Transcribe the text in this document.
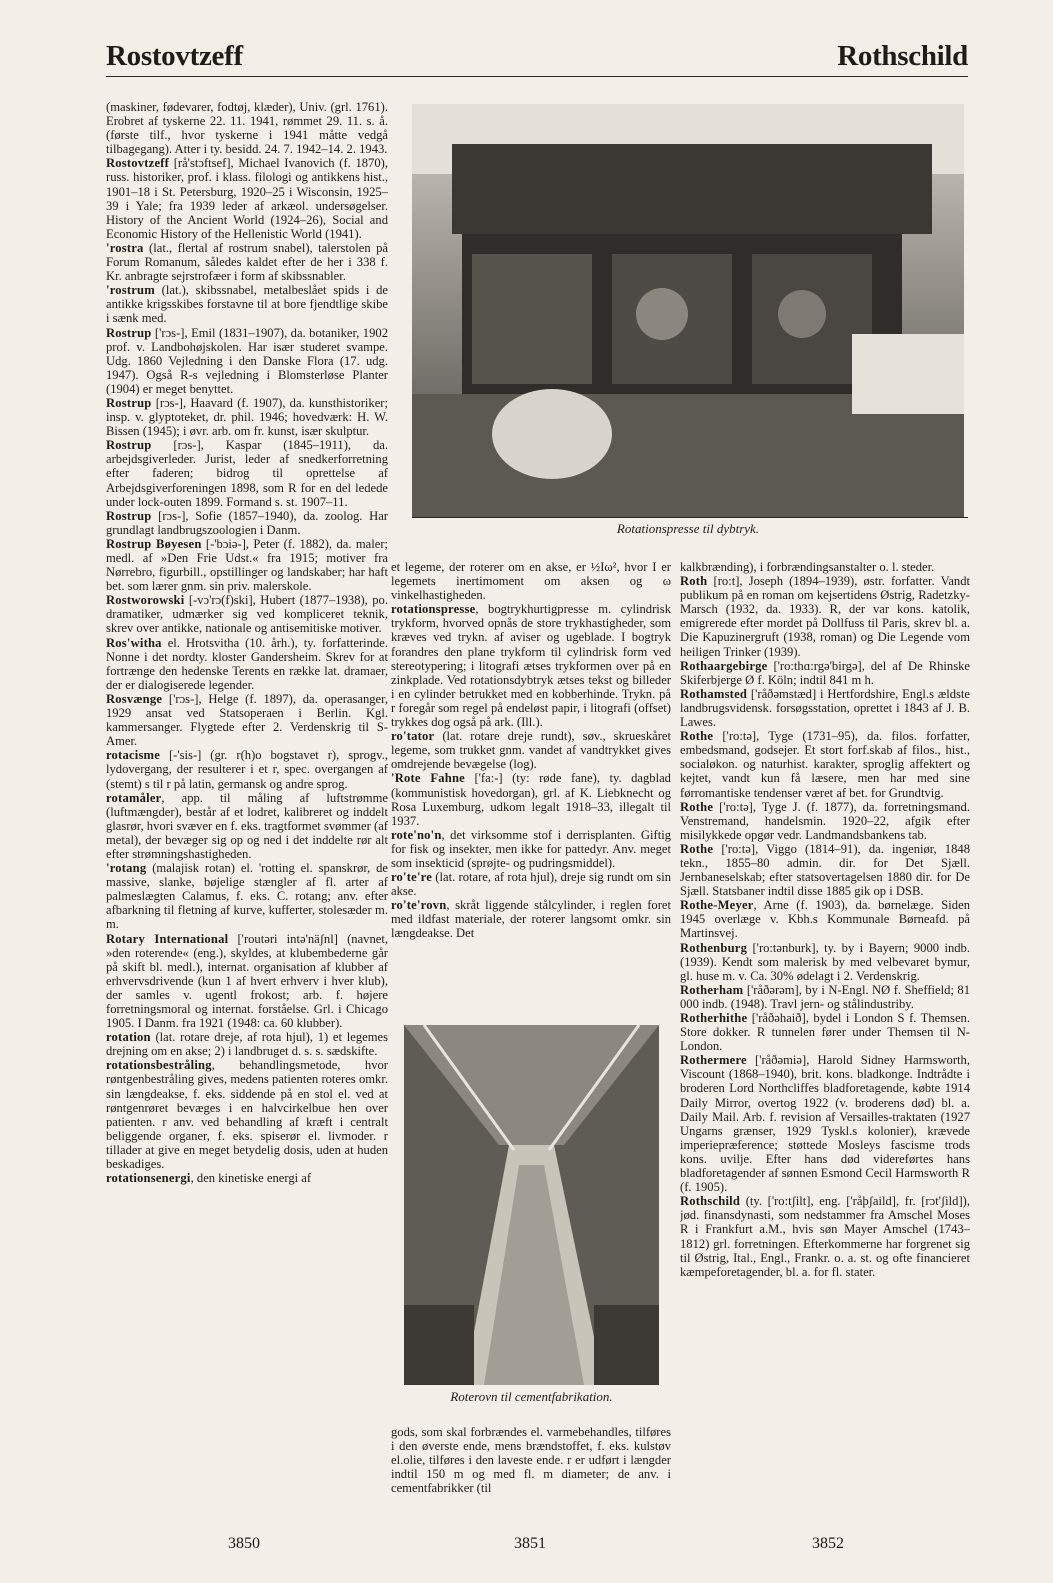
Rostovtzeff	Rothschild

(maskiner, fødevarer, fodtøj, klæder), Univ. (grl. 1761). Erobret af tyskerne 22. 11. 1941, rømmet 29. 11. s. å. (første tilf., hvor tyskerne i 1941 måtte vedgå tilbagegang). Atter i ty. besidd. 24. 7. 1942–14. 2. 1943.

Rostovtzeff [rå'stɔftsef], Michael Ivanovich (f. 1870), russ. historiker, prof. i klass. filologi og antikkens hist., 1901–18 i St. Petersburg, 1920–25 i Wisconsin, 1925–39 i Yale; fra 1939 leder af arkæol. undersøgelser. History of the Ancient World (1924–26), Social and Economic History of the Hellenistic World (1941).

'rostra (lat., flertal af rostrum snabel), talerstolen på Forum Romanum, således kaldet efter de her i 338 f. Kr. anbragte sejrstrofæer i form af skibssnabler.

'rostrum (lat.), skibssnabel, metalbeslået spids i de antikke krigsskibes forstavne til at bore fjendtlige skibe i sænk med.

Rostrup ['rɔs-], Emil (1831–1907), da. botaniker, 1902 prof. v. Landbohøjskolen. Har især studeret svampe. Udg. 1860 Vejledning i den Danske Flora (17. udg. 1947). Også R-s vejledning i Blomsterløse Planter (1904) er meget benyttet.

Rostrup [rɔs-], Haavard (f. 1907), da. kunsthistoriker; insp. v. glyptoteket, dr. phil. 1946; hovedværk: H. W. Bissen (1945); i øvr. arb. om fr. kunst, især skulptur.

Rostrup [rɔs-], Kaspar (1845–1911), da. arbejdsgiverleder. Jurist, leder af snedkerforretning efter faderen; bidrog til oprettelse af Arbejdsgiverforeningen 1898, som R for en del ledede under lock-outen 1899. Formand s. st. 1907–11.

Rostrup [rɔs-], Sofie (1857–1940), da. zoolog. Har grundlagt landbrugszoologien i Danm.

Rostrup Bøyesen [-'bɔiə-], Peter (f. 1882), da. maler; medl. af »Den Frie Udst.« fra 1915; motiver fra Nørrebro, figurbill., opstillinger og landskaber; har haft bet. som lærer gnm. sin priv. malerskole.

Rostworowski [-vɔ'rɔ(f)ski], Hubert (1877–1938), po. dramatiker, udmærker sig ved kompliceret teknik, skrev over antikke, nationale og antisemitiske motiver.

Ros'witha el. Hrotsvitha (10. årh.), ty. forfatterinde. Nonne i det nordty. kloster Gandersheim. Skrev for at fortrænge den hedenske Terents en række lat. dramaer, der er dialogiserede legender.

Rosvænge ['rɔs-], Helge (f. 1897), da. operasanger, 1929 ansat ved Statsoperaen i Berlin. Kgl. kammersanger. Flygtede efter 2. Verdenskrig til S-Amer.

rotacisme [-'sis-] (gr. r(h)o bogstavet r), sprogv., lydovergang, der resulterer i et r, spec. overgangen af (stemt) s til r på latin, germansk og andre sprog.

rotamåler, app. til måling af luftstrømme (luftmængder), består af et lodret, kalibreret og inddelt glasrør, hvori svæver en f. eks. tragtformet svømmer (af metal), der bevæger sig op og ned i det inddelte rør alt efter strømningshastigheden.

'rotang (malajisk rotan) el. 'rotting el. spanskrør, de massive, slanke, bøjelige stængler af fl. arter af palmeslægten Calamus, f. eks. C. rotang; anv. efter afbarkning til fletning af kurve, kufferter, stolesæder m. m.

Rotary International ['routəri intə'näʃnl] (navnet, »den roterende« (eng.), skyldes, at klubembederne går på skift bl. medl.), internat. organisation af klubber af erhvervsdrivende (kun 1 af hvert erhverv i hver klub), der samles v. ugentl frokost; arb. f. højere forretningsmoral og internat. forståelse. Grl. i Chicago 1905. I Danm. fra 1921 (1948: ca. 60 klubber).

rotation (lat. rotare dreje, af rota hjul), 1) et legemes drejning om en akse; 2) i landbruget d. s. s. sædskifte.

rotationsbestråling, behandlingsmetode, hvor røntgenbestråling gives, medens patienten roteres omkr. sin længdeakse, f. eks. siddende på en stol el. ved at røntgenrøret bevæges i en halvcirkelbue hen over patienten. r anv. ved behandling af kræft i centralt beliggende organer, f. eks. spiserør el. livmoder. r tillader at give en meget betydelig dosis, uden at huden beskadiges.

rotationsenergi, den kinetiske energi af

Rotationspresse til dybtryk.

et legeme, der roterer om en akse, er ½Iω², hvor I er legemets inertimoment om aksen og ω vinkelhastigheden.

rotationspresse, bogtrykhurtigpresse m. cylindrisk trykform, hvorved opnås de store trykhastigheder, som kræves ved trykn. af aviser og ugeblade. I bogtryk forandres den plane trykform til cylindrisk form ved stereotypering; i litografi ætses trykformen over på en zinkplade. Ved rotationsdybtryk ætses tekst og billeder i en cylinder betrukket med en kobberhinde. Trykn. på r foregår som regel på endeløst papir, i litografi (offset) trykkes dog også på ark. (Ill.).

ro'tator (lat. rotare dreje rundt), søv., skrueskåret legeme, som trukket gnm. vandet af vandtrykket gives omdrejende bevægelse (log).

'Rote Fahne ['fa:-] (ty: røde fane), ty. dagblad (kommunistisk hovedorgan), grl. af K. Liebknecht og Rosa Luxemburg, udkom legalt 1918–33, illegalt til 1937.

rote'no'n, det virksomme stof i derrisplanten. Giftig for fisk og insekter, men ikke for pattedyr. Anv. meget som insekticid (sprøjte- og pudringsmiddel).

ro'te're (lat. rotare, af rota hjul), dreje sig rundt om sin akse.

ro'te'rovn, skråt liggende stålcylinder, i reglen foret med ildfast materiale, der roterer langsomt omkr. sin længdeakse. Det

Roterovn til cementfabrikation.

gods, som skal forbrændes el. varmebehandles, tilføres i den øverste ende, mens brændstoffet, f. eks. kulstøv el.olie, tilføres i den laveste ende. r er udført i længder indtil 150 m og med fl. m diameter; de anv. i cementfabrikker (til

kalkbrænding), i forbrændingsanstalter o. l. steder.

Roth [ro:t], Joseph (1894–1939), østr. forfatter. Vandt publikum på en roman om kejsertidens Østrig, Radetzky-Marsch (1932, da. 1933). R, der var kons. katolik, emigrerede efter mordet på Dollfuss til Paris, skrev bl. a. Die Kapuzinergruft (1938, roman) og Die Legende vom heiligen Trinker (1939).

Rothaargebirge ['ro:thɑ:rgə'birgə], del af De Rhinske Skiferbjerge Ø f. Köln; indtil 841 m h.

Rothamsted ['råðəmstæd] i Hertfordshire, Engl.s ældste landbrugsvidensk. forsøgsstation, oprettet i 1843 af J. B. Lawes.

Rothe ['ro:tə], Tyge (1731–95), da. filos. forfatter, embedsmand, godsejer. Et stort forf.skab af filos., hist., socialøkon. og naturhist. karakter, sproglig affektert og kejtet, vandt kun få læsere, men har med sine førromantiske tendenser været af bet. for Grundtvig.

Rothe ['ro:tə], Tyge J. (f. 1877), da. forretningsmand. Venstremand, handelsmin. 1920–22, afgik efter misilykkede opgør vedr. Landmandsbankens tab.

Rothe ['ro:tə], Viggo (1814–91), da. ingeniør, 1848 tekn., 1855–80 admin. dir. for Det Sjæll. Jernbaneselskab; efter statsovertagelsen 1880 dir. for De Sjæll. Statsbaner indtil disse 1885 gik op i DSB.

Rothe-Meyer, Arne (f. 1903), da. børnelæge. Siden 1945 overlæge v. Kbh.s Kommunale Børneafd. på Martinsvej.

Rothenburg ['ro:tənburk], ty. by i Bayern; 9000 indb. (1939). Kendt som malerisk by med velbevaret bymur, gl. huse m. v. Ca. 30% ødelagt i 2. Verdenskrig.

Rotherham ['råðərəm], by i N-Engl. NØ f. Sheffield; 81 000 indb. (1948). Travl jern- og stålindustriby.

Rotherhithe ['råðəhaið], bydel i London S f. Themsen. Store dokker. R tunnelen fører under Themsen til N-London.

Rothermere ['råðəmiə], Harold Sidney Harmsworth, Viscount (1868–1940), brit. kons. bladkonge. Indtrådte i broderen Lord Northcliffes bladforetagende, købte 1914 Daily Mirror, overtog 1922 (v. broderens død) bl. a. Daily Mail. Arb. f. revision af Versailles-traktaten (1927 Ungarns grænser, 1929 Tyskl.s kolonier), krævede imperiepræference; støttede Mosleys fascisme trods kons. uvilje. Efter hans død videreførtes hans bladforetagender af sønnen Esmond Cecil Harmsworth R (f. 1905).

Rothschild (ty. ['ro:tʃilt], eng. ['råþʃaild], fr. [rɔt'ʃild]), jød. finansdynasti, som nedstammer fra Amschel Moses R i Frankfurt a.M., hvis søn Mayer Amschel (1743–1812) grl. forretningen. Efterkommerne har forgrenet sig til Østrig, Ital., Engl., Frankr. o. a. st. og ofte financieret kæmpeforetagender, bl. a. for fl. stater.

3850	3851	3852
